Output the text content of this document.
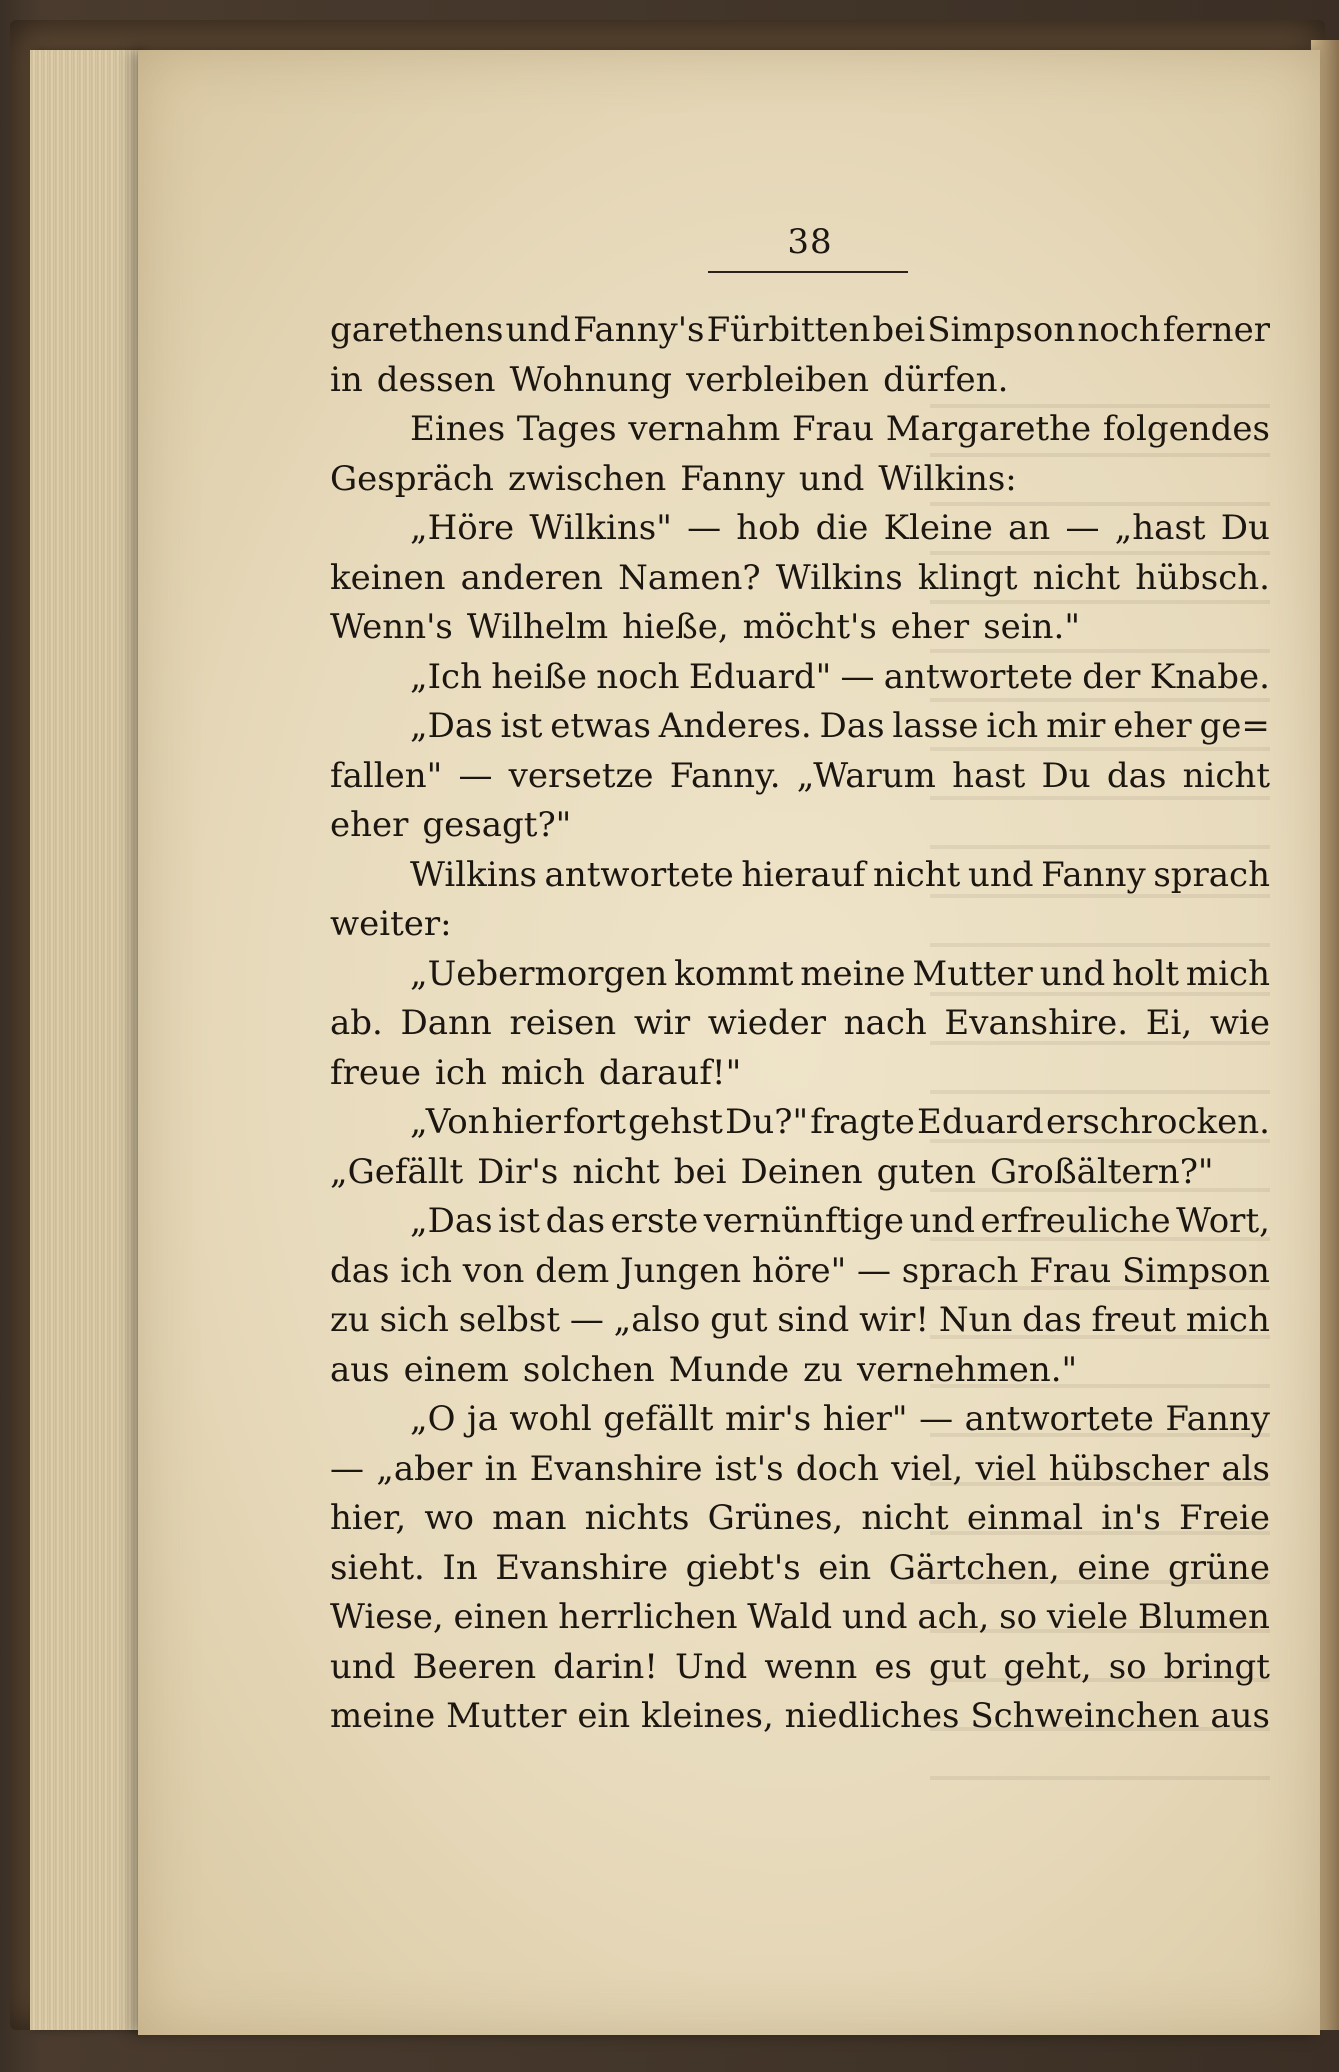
38
garethens und Fanny's Fürbitten bei Simpson noch ferner
in dessen Wohnung verbleiben dürfen.
Eines Tages vernahm Frau Margarethe folgendes
Gespräch zwischen Fanny und Wilkins:
„Höre Wilkins" — hob die Kleine an — „hast Du
keinen anderen Namen? Wilkins klingt nicht hübsch.
Wenn's Wilhelm hieße, möcht's eher sein."
„Ich heiße noch Eduard" — antwortete der Knabe.
„Das ist etwas Anderes. Das lasse ich mir eher ge=
fallen" — versetze Fanny. „Warum hast Du das nicht
eher gesagt?"
Wilkins antwortete hierauf nicht und Fanny sprach
weiter:
„Uebermorgen kommt meine Mutter und holt mich
ab. Dann reisen wir wieder nach Evanshire. Ei, wie
freue ich mich darauf!"
„Von hier fort gehst Du?" fragte Eduard erschrocken.
„Gefällt Dir's nicht bei Deinen guten Großältern?"
„Das ist das erste vernünftige und erfreuliche Wort,
das ich von dem Jungen höre" — sprach Frau Simpson
zu sich selbst — „also gut sind wir! Nun das freut mich
aus einem solchen Munde zu vernehmen."
„O ja wohl gefällt mir's hier" — antwortete Fanny
— „aber in Evanshire ist's doch viel, viel hübscher als
hier, wo man nichts Grünes, nicht einmal in's Freie
sieht. In Evanshire giebt's ein Gärtchen, eine grüne
Wiese, einen herrlichen Wald und ach, so viele Blumen
und Beeren darin! Und wenn es gut geht, so bringt
meine Mutter ein kleines, niedliches Schweinchen aus
